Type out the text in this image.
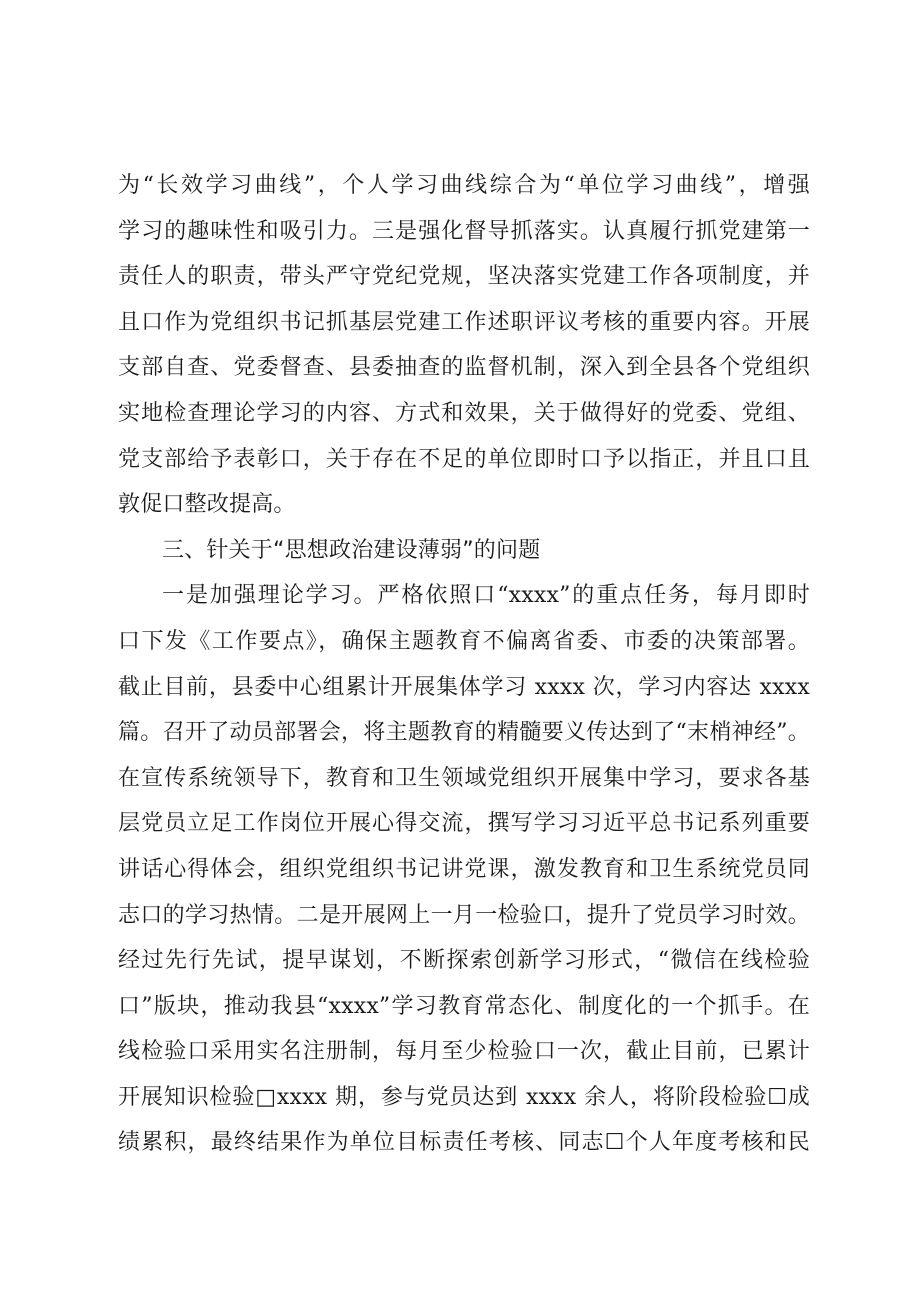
为“长效学习曲线”，个人学习曲线综合为“单位学习曲线”，增强
学习的趣味性和吸引力。三是强化督导抓落实。认真履行抓党建第一
责任人的职责，带头严守党纪党规，坚决落实党建工作各项制度，并
且口作为党组织书记抓基层党建工作述职评议考核的重要内容。开展
支部自查、党委督查、县委抽查的监督机制，深入到全县各个党组织
实地检查理论学习的内容、方式和效果，关于做得好的党委、党组、
党支部给予表彰口，关于存在不足的单位即时口予以指正，并且口且
敦促口整改提高。
三、针关于“思想政治建设薄弱”的问题
一是加强理论学习。严格依照口“xxxx”的重点任务，每月即时
口下发《工作要点》，确保主题教育不偏离省委、市委的决策部署。
截止目前，县委中心组累计开展集体学习 xxxx 次，学习内容达 xxxx
篇。召开了动员部署会，将主题教育的精髓要义传达到了“末梢神经”。
在宣传系统领导下，教育和卫生领域党组织开展集中学习，要求各基
层党员立足工作岗位开展心得交流，撰写学习习近平总书记系列重要
讲话心得体会，组织党组织书记讲党课，激发教育和卫生系统党员同
志口的学习热情。二是开展网上一月一检验口，提升了党员学习时效。
经过先行先试，提早谋划，不断探索创新学习形式，“微信在线检验
口”版块，推动我县“xxxx”学习教育常态化、制度化的一个抓手。在
线检验口采用实名注册制，每月至少检验口一次，截止目前，已累计
开展知识检验□xxxx 期，参与党员达到 xxxx 余人，将阶段检验☐成
绩累积，最终结果作为单位目标责任考核、同志☐个人年度考核和民
